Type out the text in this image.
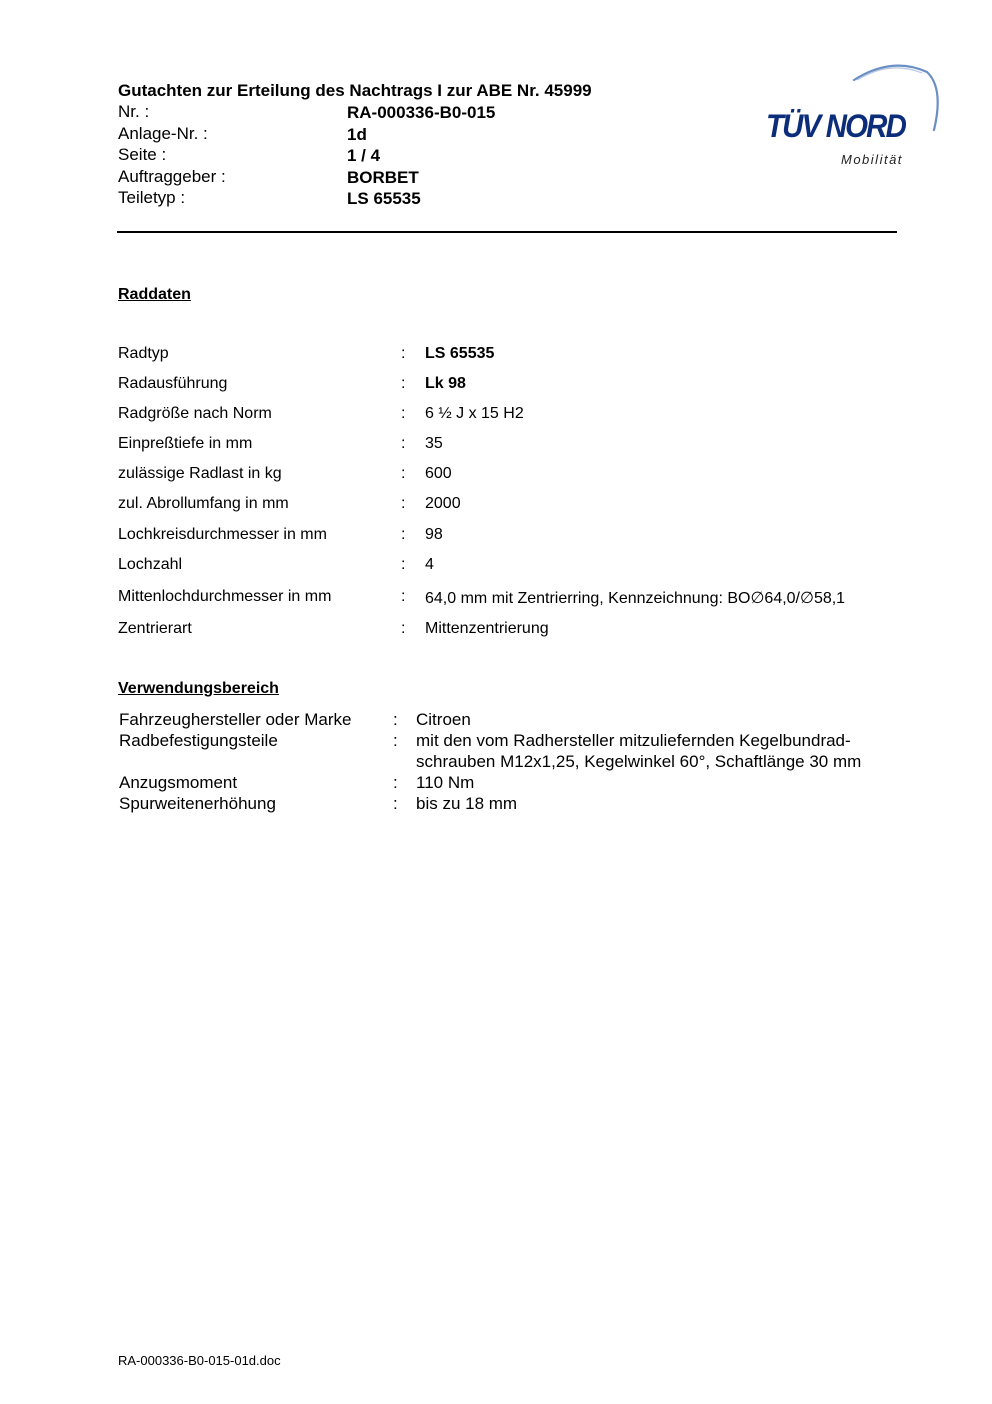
Gutachten zur Erteilung des Nachtrags I zur ABE Nr. 45999
Nr. :	RA-000336-B0-015
Anlage-Nr. :	1d
Seite :	1 / 4
Auftraggeber :	BORBET
Teiletyp :	LS 65535
TÜV NORD
Mobilität
Raddaten
Radtyp	: LS 65535
Radausführung	: Lk 98
Radgröße nach Norm	: 6 ½ J x 15 H2
Einpreßtiefe in mm	: 35
zulässige Radlast in kg	: 600
zul. Abrollumfang in mm	: 2000
Lochkreisdurchmesser in mm	: 98
Lochzahl	: 4
Mittenlochdurchmesser in mm	: 64,0 mm mit Zentrierring, Kennzeichnung: BO∅64,0/∅58,1
Zentrierart	: Mittenzentrierung
Verwendungsbereich
Fahrzeughersteller oder Marke : Citroen
Radbefestigungsteile	: mit den vom Radhersteller mitzuliefernden Kegelbundrad-schrauben M12x1,25, Kegelwinkel 60°, Schaftlänge 30 mm
Anzugsmoment	: 110 Nm
Spurweitenerhöhung	: bis zu 18 mm
RA-000336-B0-015-01d.doc
